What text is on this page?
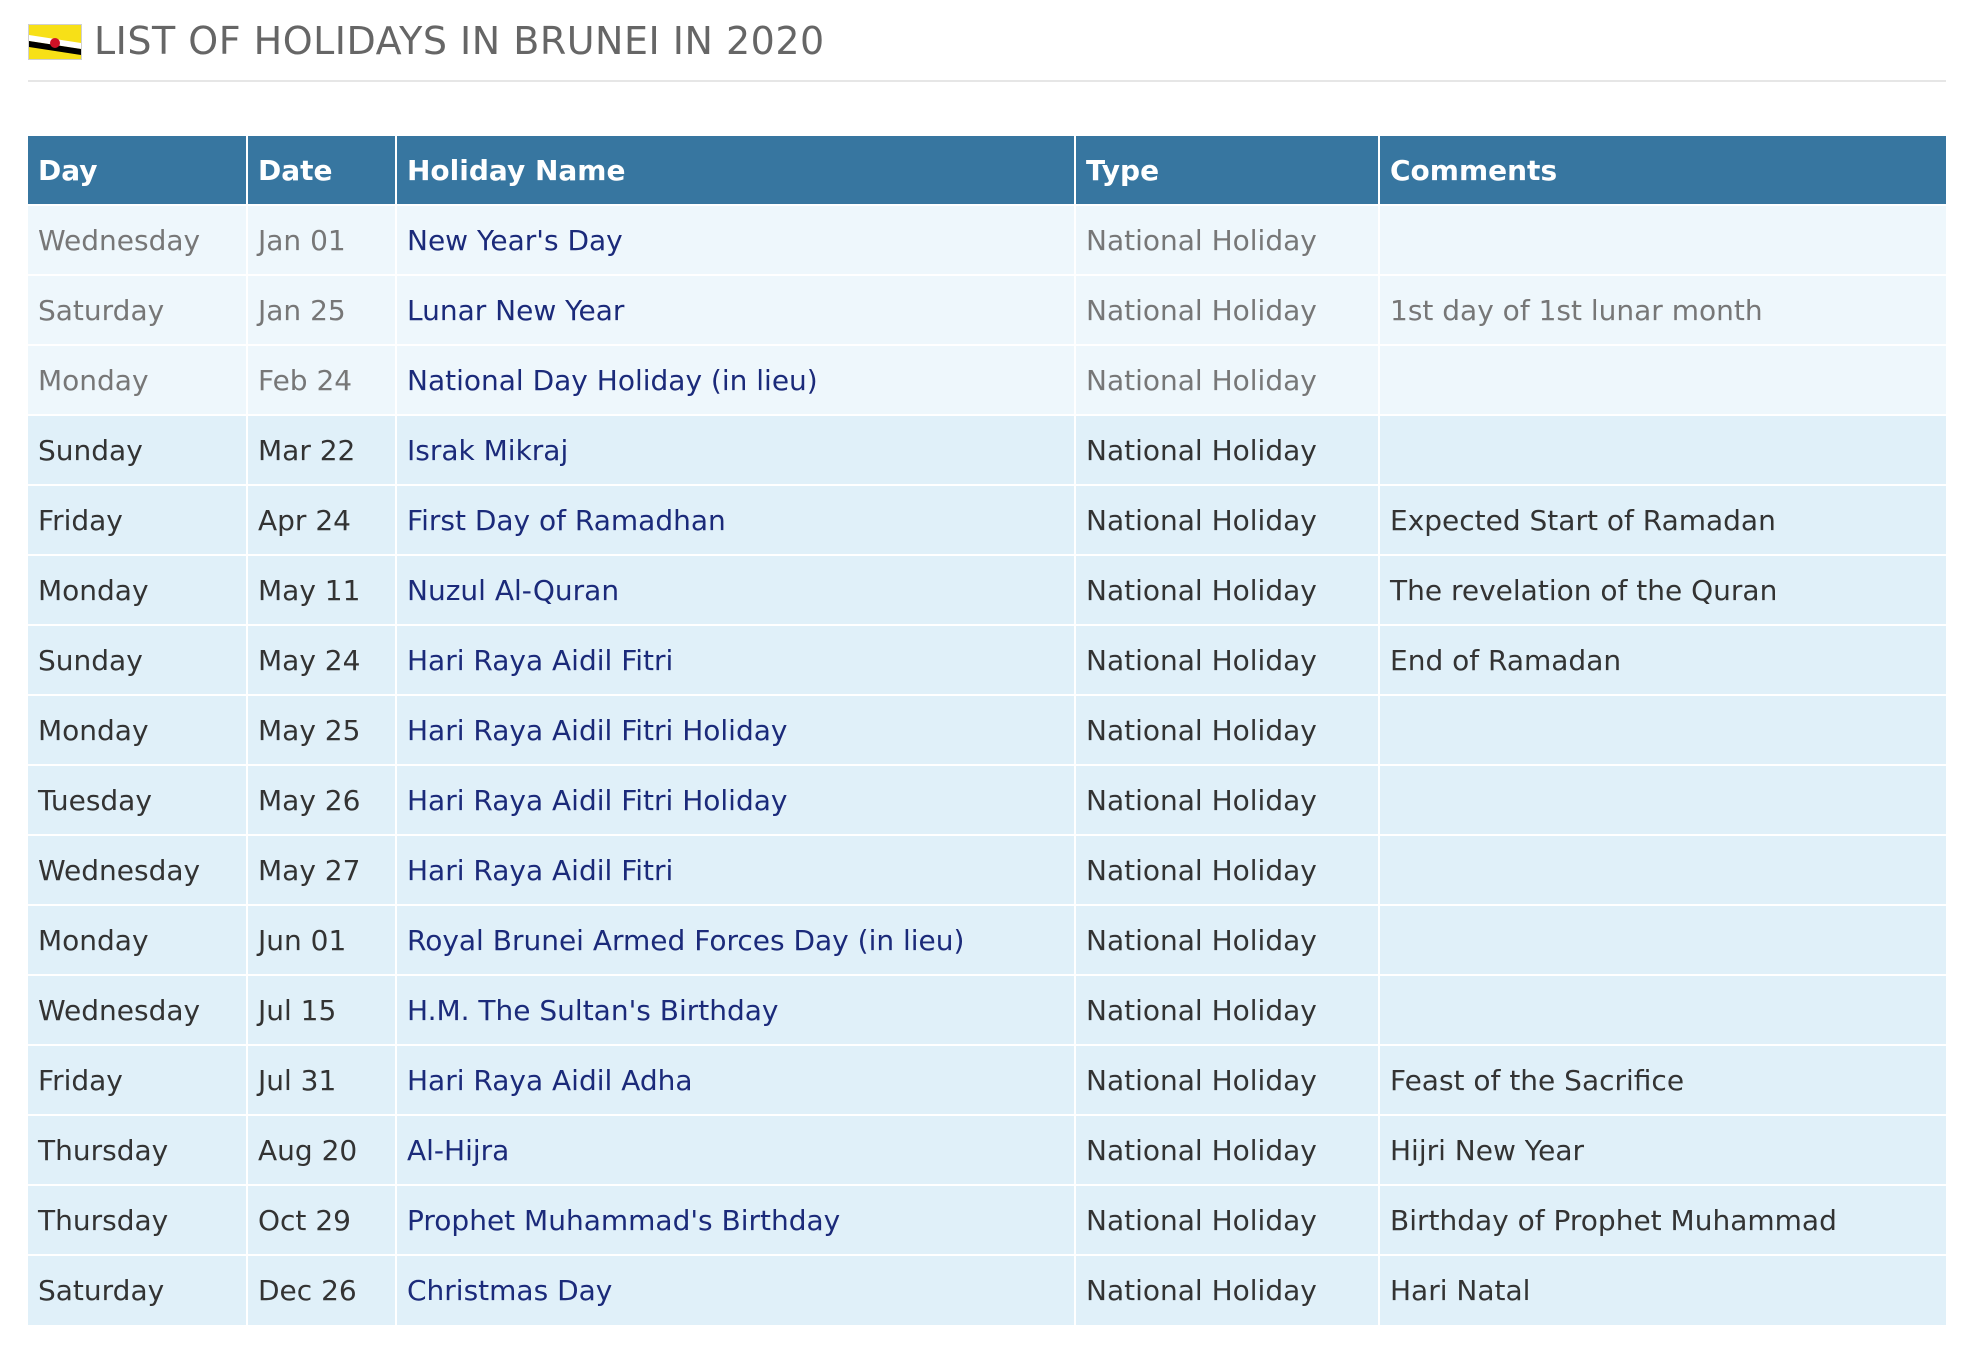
LIST OF HOLIDAYS IN BRUNEI IN 2020
Day	Date	Holiday Name	Type	Comments
Wednesday	Jan 01	New Year's Day	National Holiday	
Saturday	Jan 25	Lunar New Year	National Holiday	1st day of 1st lunar month
Monday	Feb 24	National Day Holiday (in lieu)	National Holiday	
Sunday	Mar 22	Israk Mikraj	National Holiday	
Friday	Apr 24	First Day of Ramadhan	National Holiday	Expected Start of Ramadan
Monday	May 11	Nuzul Al-Quran	National Holiday	The revelation of the Quran
Sunday	May 24	Hari Raya Aidil Fitri	National Holiday	End of Ramadan
Monday	May 25	Hari Raya Aidil Fitri Holiday	National Holiday	
Tuesday	May 26	Hari Raya Aidil Fitri Holiday	National Holiday	
Wednesday	May 27	Hari Raya Aidil Fitri	National Holiday	
Monday	Jun 01	Royal Brunei Armed Forces Day (in lieu)	National Holiday	
Wednesday	Jul 15	H.M. The Sultan's Birthday	National Holiday	
Friday	Jul 31	Hari Raya Aidil Adha	National Holiday	Feast of the Sacrifice
Thursday	Aug 20	Al-Hijra	National Holiday	Hijri New Year
Thursday	Oct 29	Prophet Muhammad's Birthday	National Holiday	Birthday of Prophet Muhammad
Saturday	Dec 26	Christmas Day	National Holiday	Hari Natal
